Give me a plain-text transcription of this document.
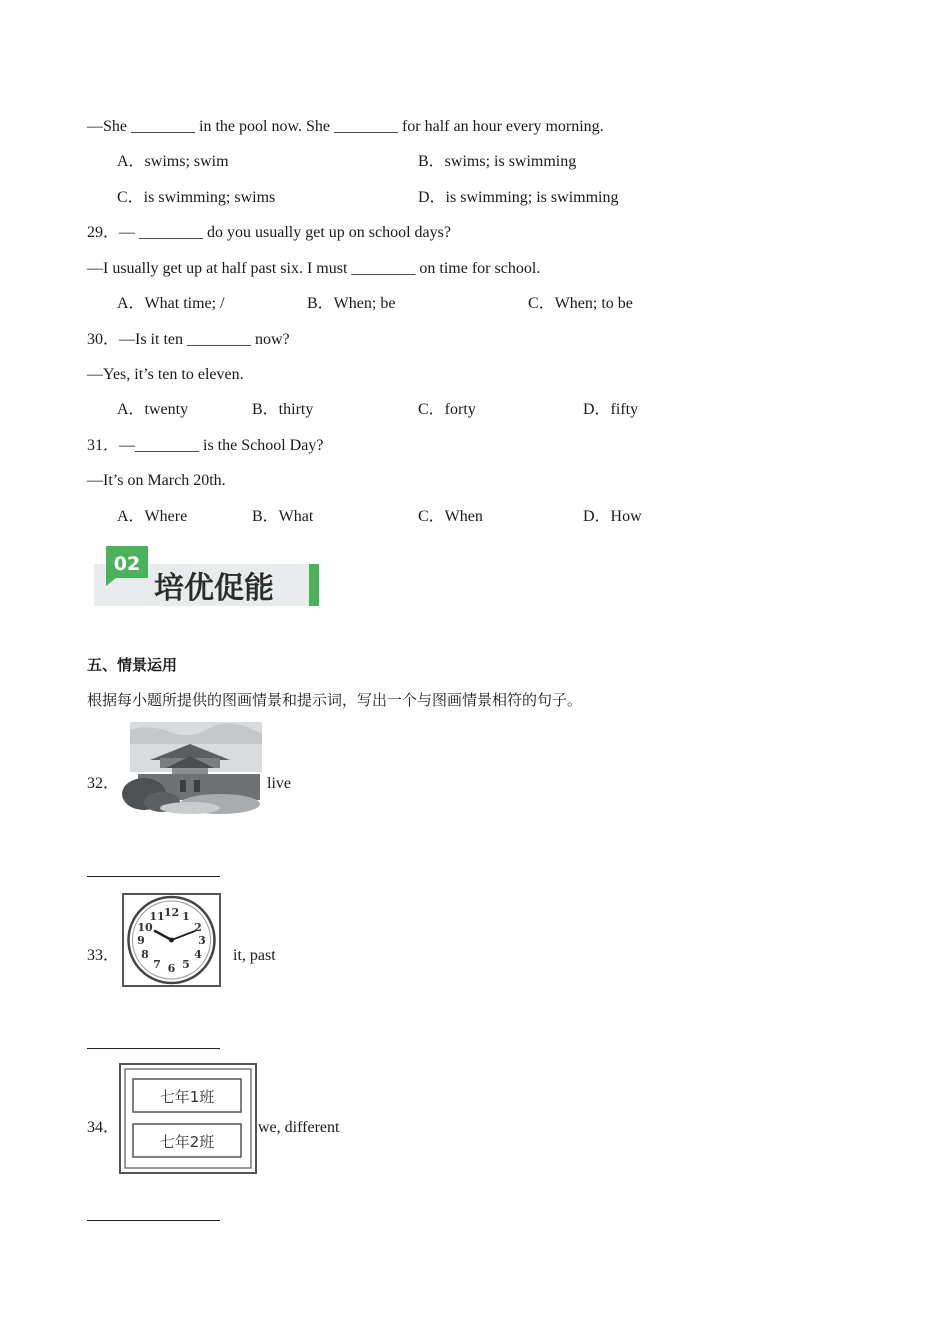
—She ________ in the pool now. She ________ for half an hour every morning.
A．swims; swim	B．swims; is swimming
C．is swimming; swims	D．is swimming; is swimming
29．— ________ do you usually get up on school days?
—I usually get up at half past six. I must ________ on time for school.
A．What time; /	B．When; be	C．When; to be
30．—Is it ten ________ now?
—Yes, it’s ten to eleven.
A．twenty	B．thirty	C．forty	D．fifty
31．—________ is the School Day?
—It’s on March 20th.
A．Where	B．What	C．When	D．How
02
培优促能
五、情景运用
根据每小题所提供的图画情景和提示词，写出一个与图画情景相符的句子。
32．	live
33．
12 1
2
3
4
5
6
7
8
9
10
11
it, past
34．
七年1班
七年2班
we, different
